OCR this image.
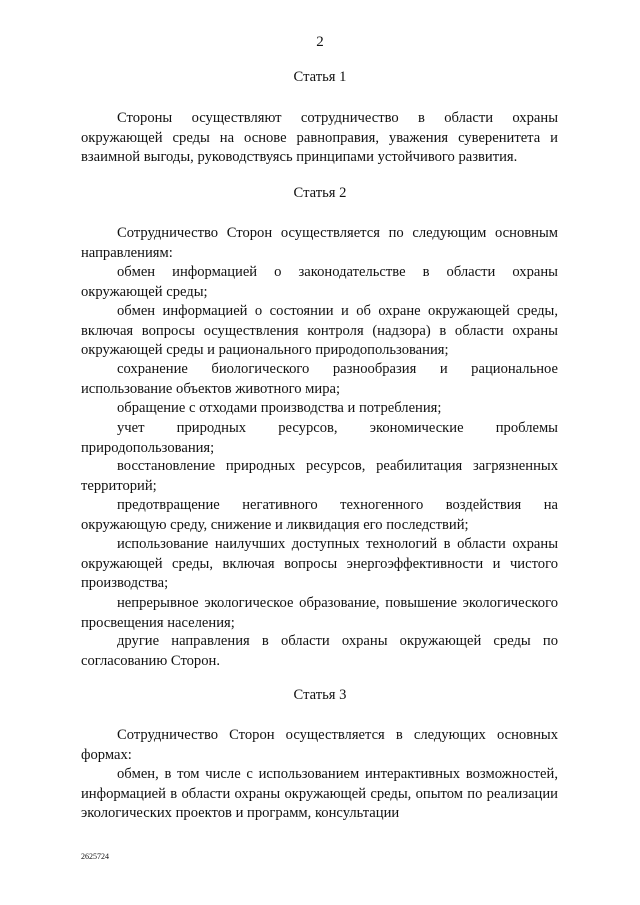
2
Статья 1

Стороны осуществляют сотрудничество в области охраны окружающей среды на основе равноправия, уважения суверенитета и взаимной выгоды, руководствуясь принципами устойчивого развития.

Статья 2

Сотрудничество Сторон осуществляется по следующим основным направлениям:

обмен информацией о законодательстве в области охраны окружающей среды;

обмен информацией о состоянии и об охране окружающей среды, включая вопросы осуществления контроля (надзора) в области охраны окружающей среды и рационального природопользования;

сохранение биологического разнообразия и рациональное использование объектов животного мира;

обращение с отходами производства и потребления;

учет природных ресурсов, экономические проблемы природопользования;

восстановление природных ресурсов, реабилитация загрязненных территорий;

предотвращение негативного техногенного воздействия на окружающую среду, снижение и ликвидация его последствий;

использование наилучших доступных технологий в области охраны окружающей среды, включая вопросы энергоэффективности и чистого производства;

непрерывное экологическое образование, повышение экологического просвещения населения;

другие направления в области охраны окружающей среды по согласованию Сторон.

Статья 3

Сотрудничество Сторон осуществляется в следующих основных формах:

обмен, в том числе с использованием интерактивных возможностей, информацией в области охраны окружающей среды, опытом по реализации экологических проектов и программ, консультации

2625724
